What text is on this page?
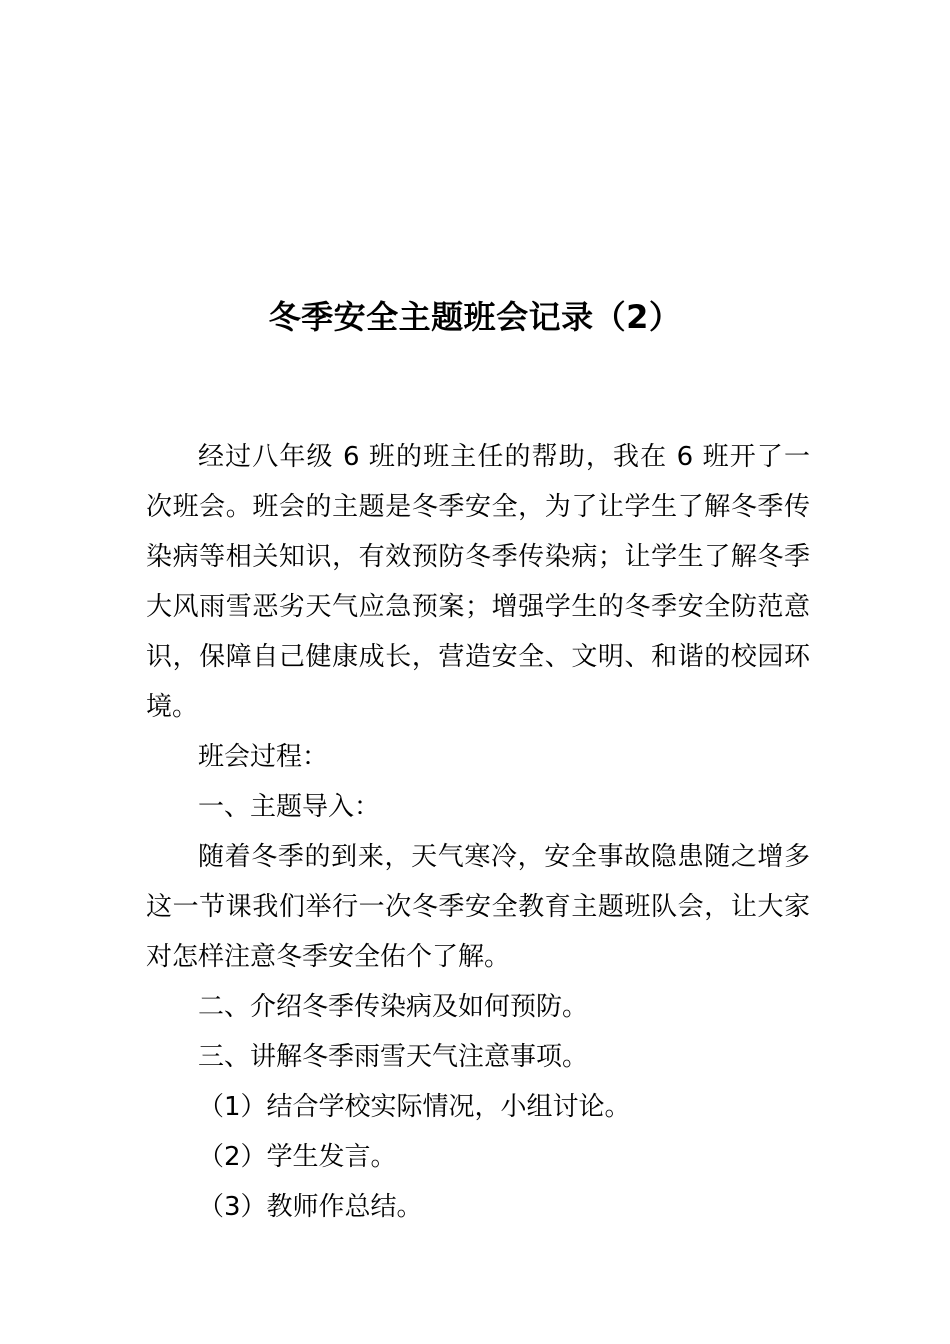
冬季安全主题班会记录（2）

经过八年级 6 班的班主任的帮助，我在 6 班开了一次班会。班会的主题是冬季安全，为了让学生了解冬季传染病等相关知识，有效预防冬季传染病；让学生了解冬季大风雨雪恶劣天气应急预案；增强学生的冬季安全防范意识，保障自己健康成长，营造安全、文明、和谐的校园环境。

班会过程：

一、主题导入：

随着冬季的到来，天气寒冷，安全事故隐患随之增多这一节课我们举行一次冬季安全教育主题班队会，让大家对怎样注意冬季安全佑个了解。

二、介绍冬季传染病及如何预防。

三、讲解冬季雨雪天气注意事项。

（1）结合学校实际情况，小组讨论。

（2）学生发言。

（3）教师作总结。
